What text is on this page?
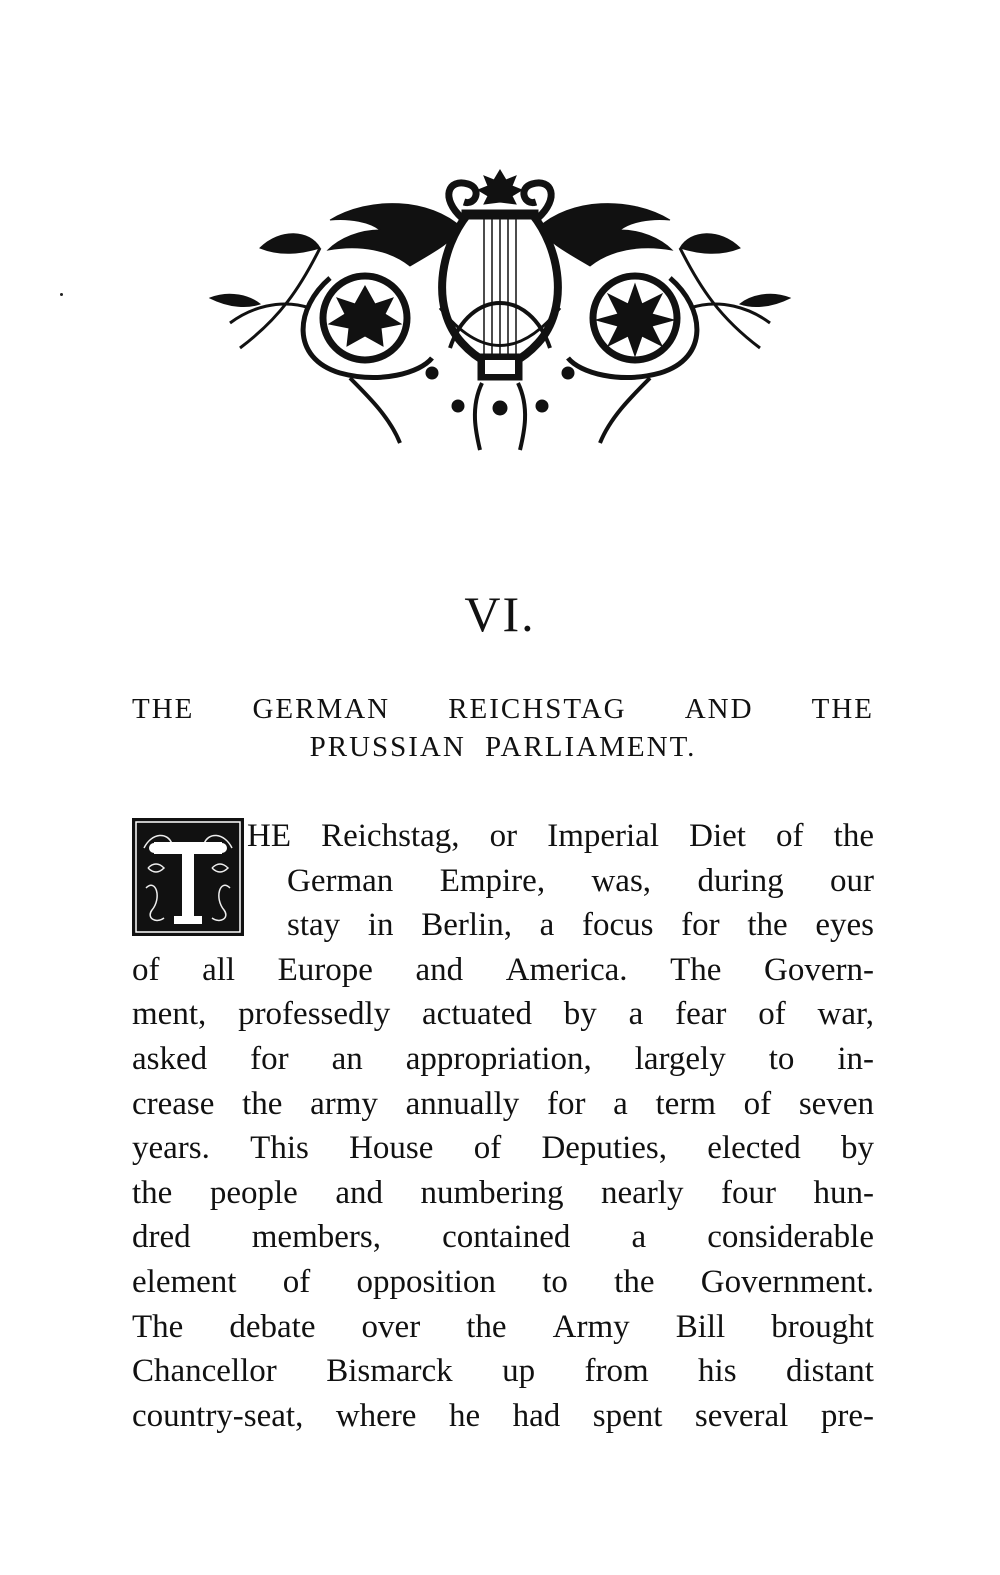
VI.
THE GERMAN REICHSTAG AND THE
PRUSSIAN PARLIAMENT.
HE Reichstag, or Imperial Diet of the
German Empire, was, during our
stay in Berlin, a focus for the eyes
of all Europe and America. The Govern-
ment, professedly actuated by a fear of war,
asked for an appropriation, largely to in-
crease the army annually for a term of seven
years. This House of Deputies, elected by
the people and numbering nearly four hun-
dred members, contained a considerable
element of opposition to the Government.
The debate over the Army Bill brought
Chancellor Bismarck up from his distant
country-seat, where he had spent several pre-
